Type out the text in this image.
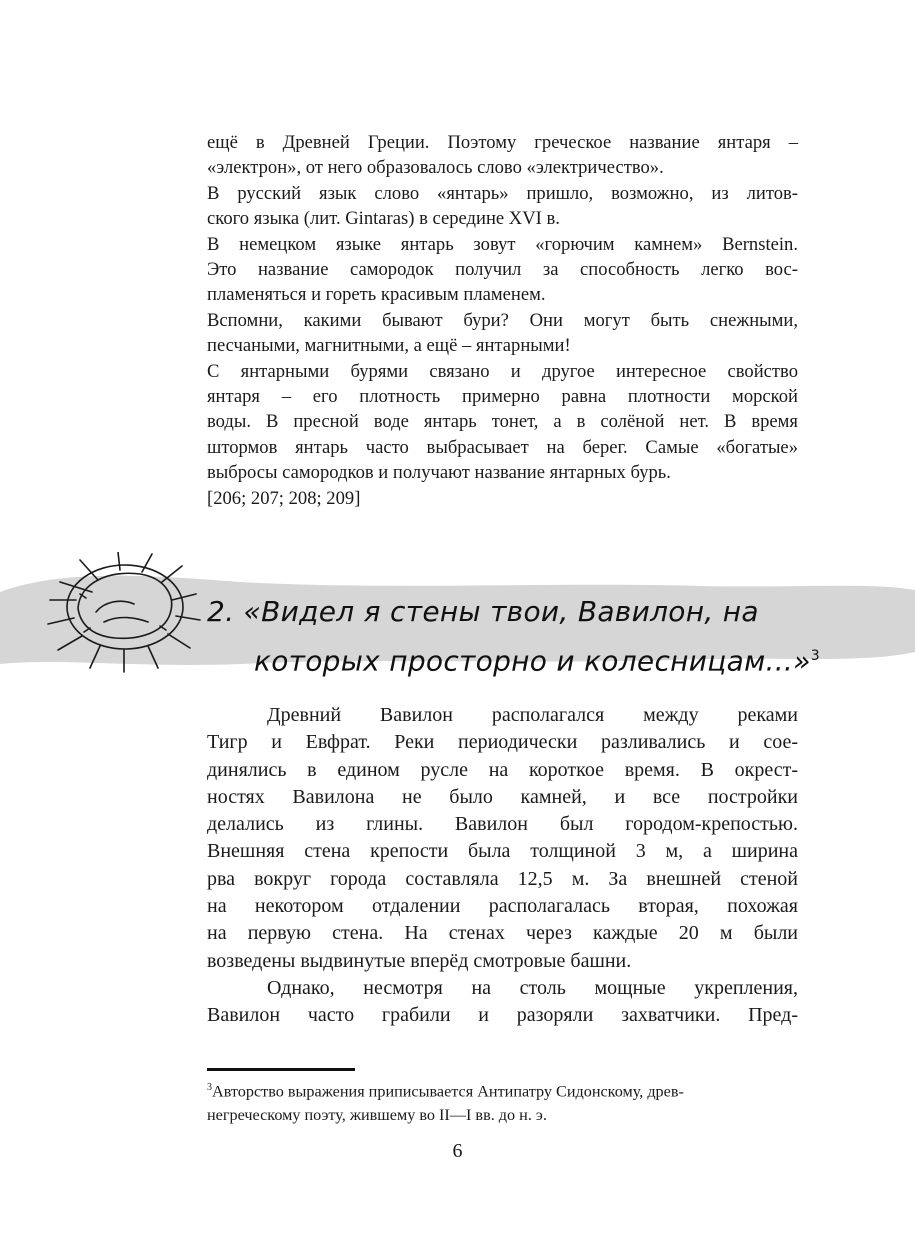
ещё в Древней Греции. Поэтому греческое название янтаря –
«электрон», от него образовалось слово «электричество».
В русский язык слово «янтарь» пришло, возможно, из литов-
ского языка (лит. Gintaras) в середине XVI в.
В немецком языке янтарь зовут «горючим камнем» Bernstein.
Это название самородок получил за способность легко вос-
пламеняться и гореть красивым пламенем.
Вспомни, какими бывают бури? Они могут быть снежными,
песчаными, магнитными, а ещё – янтарными!
С янтарными бурями связано и другое интересное свойство
янтаря – его плотность примерно равна плотности морской
воды. В пресной воде янтарь тонет, а в солёной нет. В время
штормов янтарь часто выбрасывает на берег. Самые «богатые»
выбросы самородков и получают название янтарных бурь.
[206; 207; 208; 209]
2. «Видел я стены твои, Вавилон, на
которых просторно и колесницам...»$^3$
Древний Вавилон располагался между реками
Тигр и Евфрат. Реки периодически разливались и сое-
динялись в едином русле на короткое время. В окрест-
ностях Вавилона не было камней, и все постройки
делались из глины. Вавилон был городом-крепостью.
Внешняя стена крепости была толщиной 3 м, а ширина
рва вокруг города составляла 12,5 м. За внешней стеной
на некотором отдалении располагалась вторая, похожая
на первую стена. На стенах через каждые 20 м были
возведены выдвинутые вперёд смотровые башни.
Однако, несмотря на столь мощные укрепления,
Вавилон часто грабили и разоряли захватчики. Пред-
$^3$Авторство выражения приписывается Антипатру Сидонскому, древ-
негреческому поэту, жившему во II—I вв. до н. э.
6
